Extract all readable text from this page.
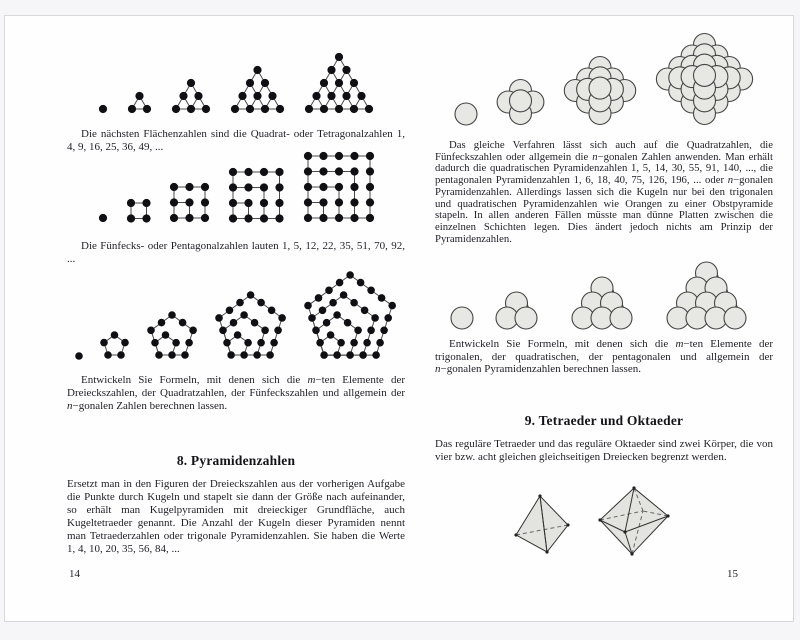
Die nächsten Flächenzahlen sind die Quadrat- oder Tetragonalzahlen 1, 4, 9, 16, 25, 36, 49, ...

Die Fünfecks- oder Pentagonalzahlen lauten 1, 5, 12, 22, 35, 51, 70, 92, ...

Entwickeln Sie Formeln, mit denen sich die m−ten Elemente der Dreieckszahlen, der Quadratzahlen, der Fünfeckszahlen und allgemein der n−gonalen Zahlen berechnen lassen.

8. Pyramidenzahlen

Ersetzt man in den Figuren der Dreieckszahlen aus der vorherigen Aufgabe die Punkte durch Kugeln und stapelt sie dann der Größe nach aufeinander, so erhält man Kugelpyramiden mit dreieckiger Grundfläche, auch Kugeltetraeder genannt. Die Anzahl der Kugeln dieser Pyramiden nennt man Tetraederzahlen oder trigonale Pyramidenzahlen. Sie haben die Werte 1, 4, 10, 20, 35, 56, 84, ...

14

Das gleiche Verfahren lässt sich auch auf die Quadratzahlen, die Fünfeckszahlen oder allgemein die n−gonalen Zahlen anwenden. Man erhält dadurch die quadratischen Pyramidenzahlen 1, 5, 14, 30, 55, 91, 140, ..., die pentagonalen Pyramidenzahlen 1, 6, 18, 40, 75, 126, 196, ... oder n−gonalen Pyramidenzahlen. Allerdings lassen sich die Kugeln nur bei den trigonalen und quadratischen Pyramidenzahlen wie Orangen zu einer Obstpyramide stapeln. In allen anderen Fällen müsste man dünne Platten zwischen die einzelnen Schichten legen. Dies ändert jedoch nichts am Prinzip der Pyramidenzahlen.

Entwickeln Sie Formeln, mit denen sich die m−ten Elemente der trigonalen, der quadratischen, der pentagonalen und allgemein der n−gonalen Pyramidenzahlen berechnen lassen.

9. Tetraeder und Oktaeder

Das reguläre Tetraeder und das reguläre Oktaeder sind zwei Körper, die von vier bzw. acht gleichen gleichseitigen Dreiecken begrenzt werden.

15
